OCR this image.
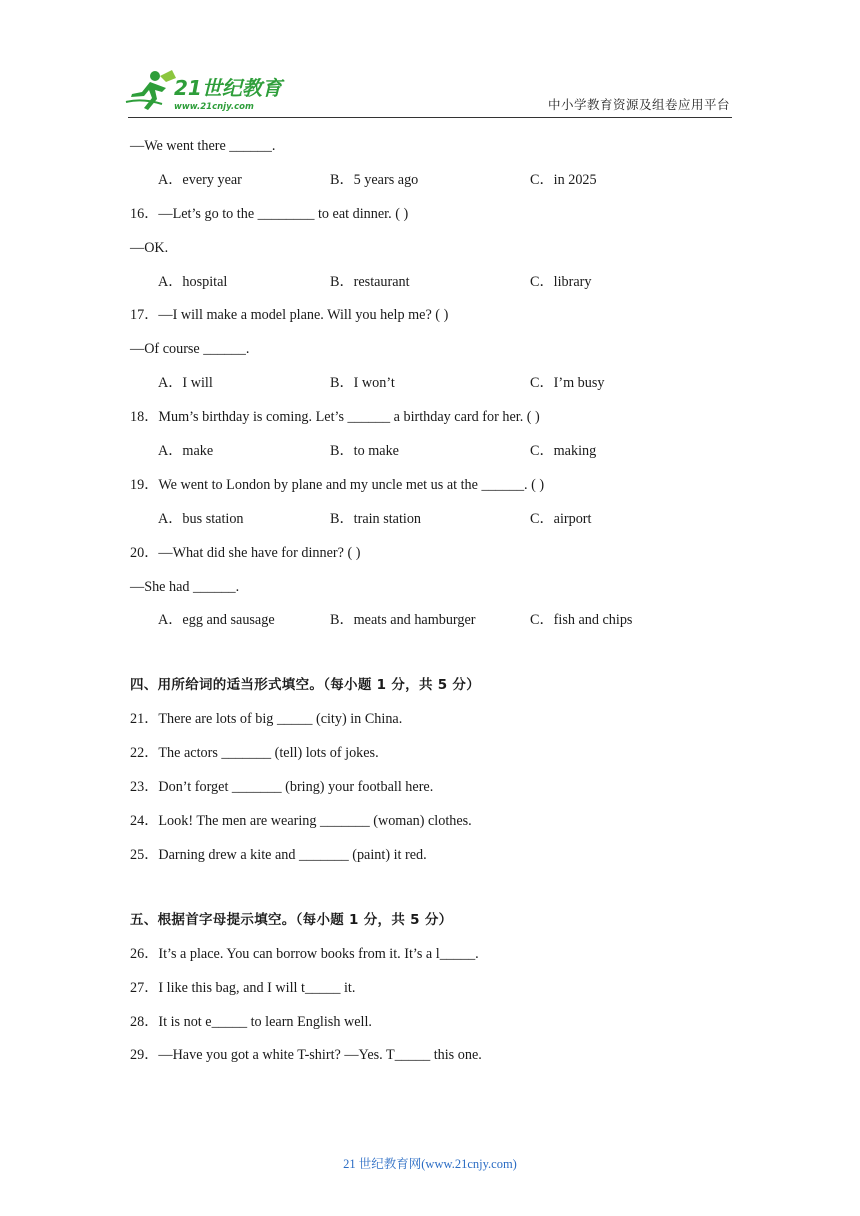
21世纪教育
www.21cnjy.com	中小学教育资源及组卷应用平台
—We went there ______.
A．every year	B．5 years ago	C．in 2025
16．—Let’s go to the ________ to eat dinner. ( )
—OK.
A．hospital	B．restaurant	C．library
17．—I will make a model plane. Will you help me? ( )
—Of course ______.
A．I will	B．I won’t	C．I’m busy
18．Mum’s birthday is coming. Let’s ______ a birthday card for her. ( )
A．make	B．to make	C．making
19．We went to London by plane and my uncle met us at the ______. ( )
A．bus station	B．train station	C．airport
20．—What did she have for dinner? ( )
—She had ______.
A．egg and sausage	B．meats and hamburger	C．fish and chips
四、用所给词的适当形式填空。（每小题 1 分，共 5 分）
21．There are lots of big _____ (city) in China.
22．The actors _______ (tell) lots of jokes.
23．Don’t forget _______ (bring) your football here.
24．Look! The men are wearing _______ (woman) clothes.
25．Darning drew a kite and _______ (paint) it red.
五、根据首字母提示填空。（每小题 1 分，共 5 分）
26．It’s a place. You can borrow books from it. It’s a l_____.
27．I like this bag, and I will t_____ it.
28．It is not e_____ to learn English well.
29．—Have you got a white T-shirt? —Yes. T_____ this one.
21 世纪教育网(www.21cnjy.com)
